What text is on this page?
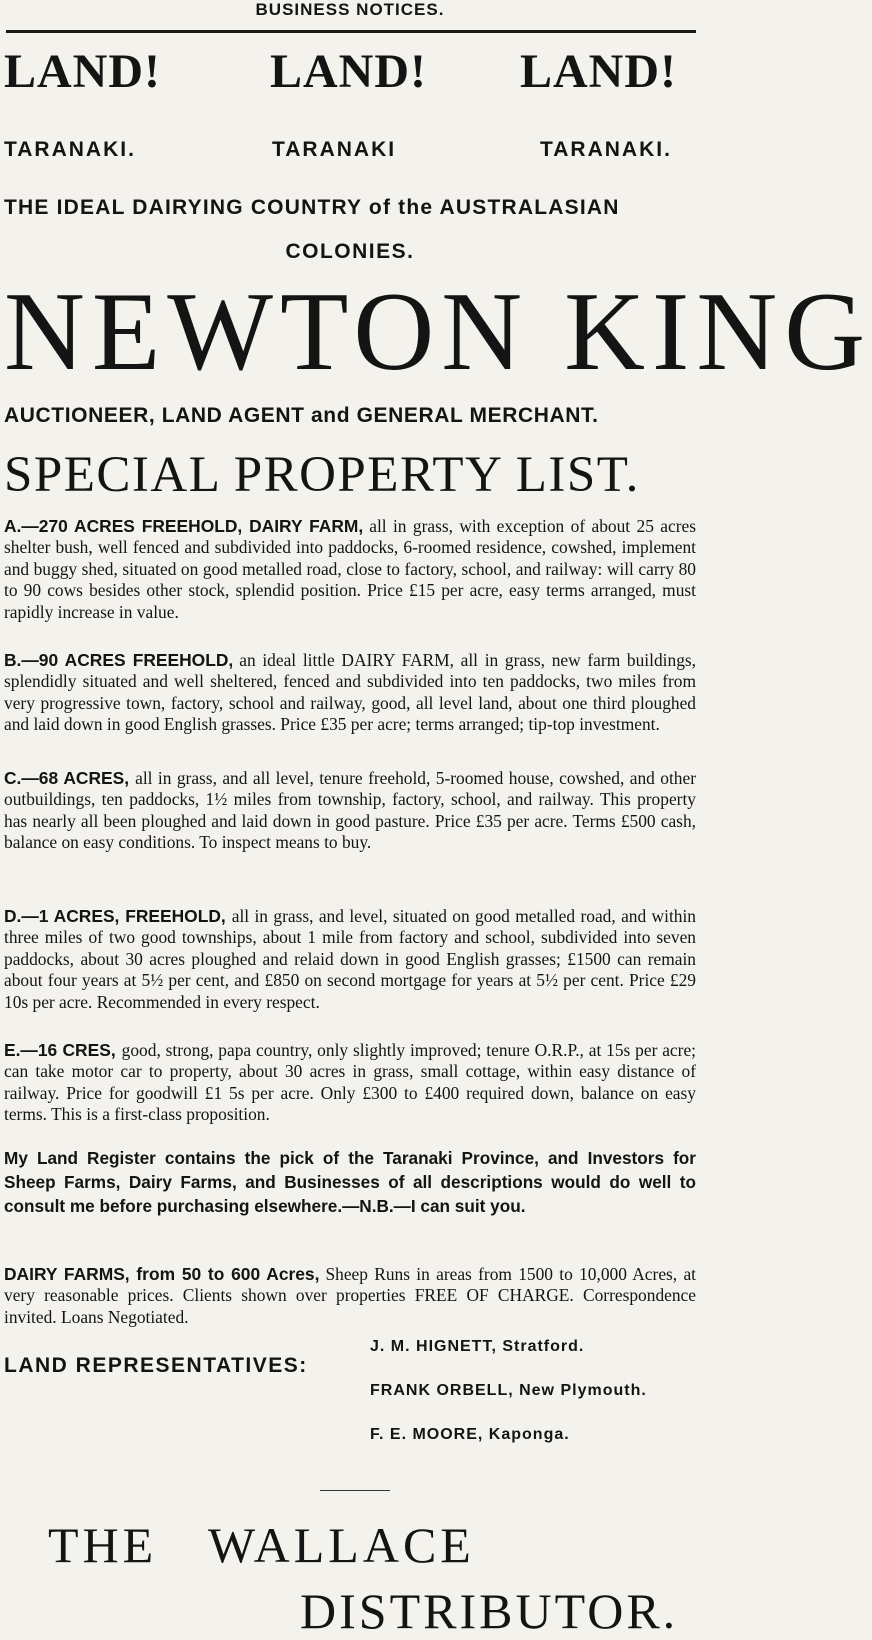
BUSINESS NOTICES.
LAND! LAND! LAND!
TARANAKI.	TARANAKI	TARANAKI.
THE IDEAL DAIRYING COUNTRY of the AUSTRALASIAN
COLONIES.
NEWTON KING
AUCTIONEER, LAND AGENT and GENERAL MERCHANT.
SPECIAL PROPERTY LIST.
A.—270 ACRES FREEHOLD, DAIRY FARM, all in grass, with exception of about 25 acres shelter bush, well fenced and subdivided into paddocks, 6-roomed residence, cowshed, implement and buggy shed, situated on good metalled road, close to factory, school, and railway: will carry 80 to 90 cows besides other stock, splendid position. Price £15 per acre, easy terms arranged, must rapidly increase in value.
B.—90 ACRES FREEHOLD, an ideal little DAIRY FARM, all in grass, new farm buildings, splendidly situated and well sheltered, fenced and subdivided into ten paddocks, two miles from very progressive town, factory, school and railway, good, all level land, about one third ploughed and laid down in good English grasses. Price £35 per acre; terms arranged; tip-top investment.
C.—68 ACRES, all in grass, and all level, tenure freehold, 5-roomed house, cowshed, and other outbuildings, ten paddocks, 1½ miles from township, factory, school, and railway. This property has nearly all been ploughed and laid down in good pasture. Price £35 per acre. Terms £500 cash, balance on easy conditions. To inspect means to buy.
D.—1 ACRES, FREEHOLD, all in grass, and level, situated on good metalled road, and within three miles of two good townships, about 1 mile from factory and school, subdivided into seven paddocks, about 30 acres ploughed and relaid down in good English grasses; £1500 can remain about four years at 5½ per cent, and £850 on second mortgage for years at 5½ per cent. Price £29 10s per acre. Recommended in every respect.
E.—16 CRES, good, strong, papa country, only slightly improved; tenure O.R.P., at 15s per acre; can take motor car to property, about 30 acres in grass, small cottage, within easy distance of railway. Price for goodwill £1 5s per acre. Only £300 to £400 required down, balance on easy terms. This is a first-class proposition.
My Land Register contains the pick of the Taranaki Province, and Investors for Sheep Farms, Dairy Farms, and Businesses of all descriptions would do well to consult me before purchasing elsewhere.—N.B.—I can suit you.
DAIRY FARMS, from 50 to 600 Acres, Sheep Runs in areas from 1500 to 10,000 Acres, at very reasonable prices. Clients shown over properties FREE OF CHARGE. Correspondence invited. Loans Negotiated.
LAND REPRESENTATIVES:
J. M. HIGNETT, Stratford.
FRANK ORBELL, New Plymouth.
F. E. MOORE, Kaponga.
THE WALLACE
DISTRIBUTOR.
